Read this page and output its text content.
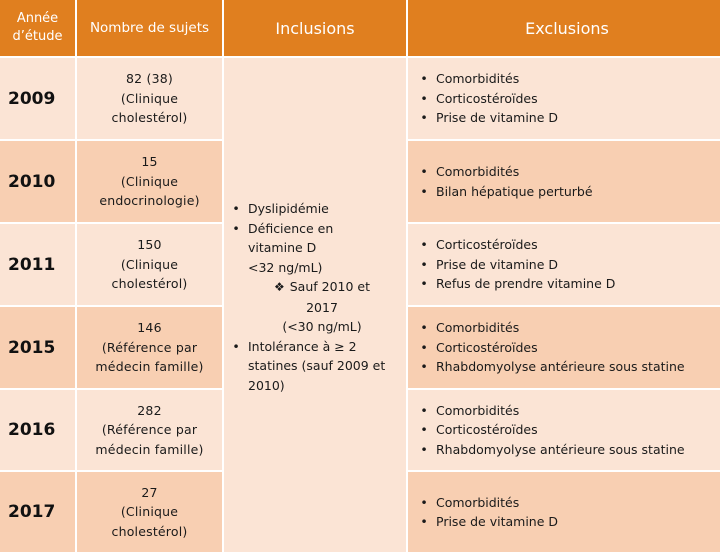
Année d’étude
Nombre de sujets	Inclusions	Exclusions
2009
82 (38)
(Clinique
cholestérol)
• Comorbidités
• Corticostéroïdes
• Prise de vitamine D
2010
15
(Clinique
endocrinologie)
• Comorbidités
• Bilan hépatique perturbé
2011
150
(Clinique
cholestérol)
• Corticostéroïdes
• Prise de vitamine D
• Refus de prendre vitamine D
2015
146
(Référence par
médecin famille)
• Comorbidités
• Corticostéroïdes
• Rhabdomyolyse antérieure sous statine
2016
282
(Référence par
médecin famille)
• Comorbidités
• Corticostéroïdes
• Rhabdomyolyse antérieure sous statine
2017
27
(Clinique
cholestérol)
• Comorbidités
• Prise de vitamine D
• Dyslipidémie
• Déficience en
vitamine D
<32 ng/mL)
❖ Sauf 2010 et
2017
(<30 ng/mL)
• Intolérance à ≥ 2
statines (sauf 2009 et
2010)
